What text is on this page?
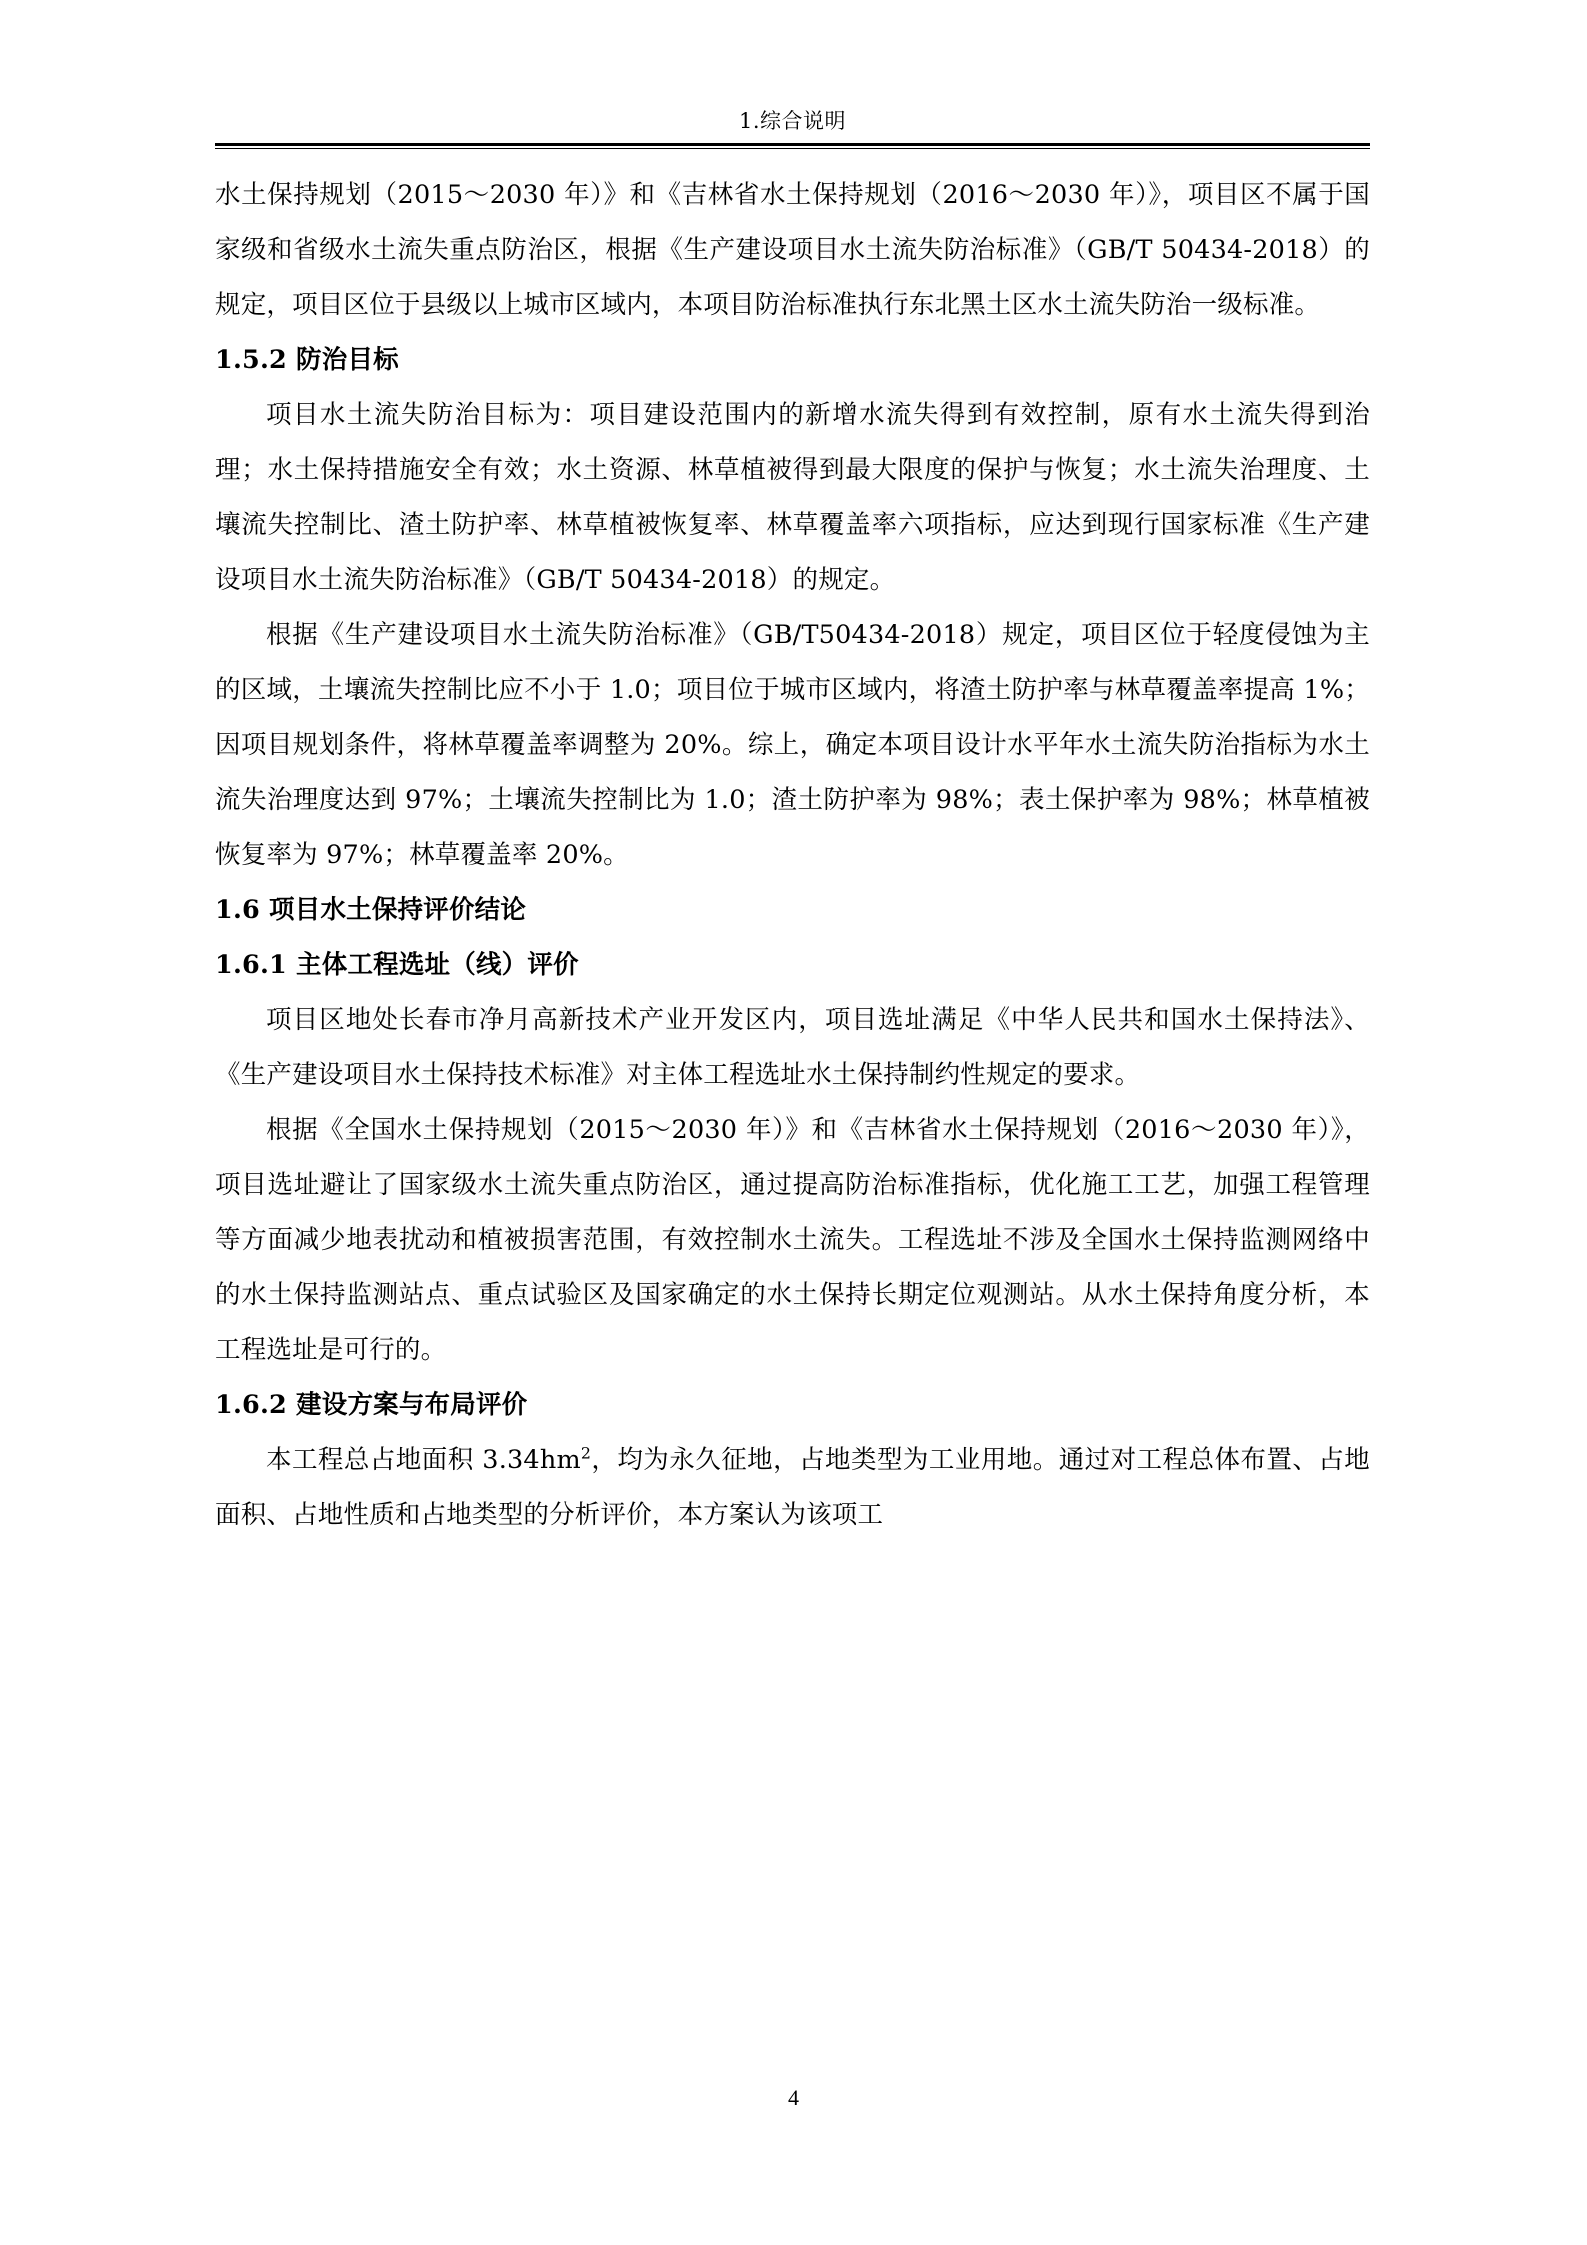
1.综合说明

水土保持规划（2015～2030 年）》和《吉林省水土保持规划（2016～2030 年）》，项目区不属于国家级和省级水土流失重点防治区，根据《生产建设项目水土流失防治标准》（GB/T 50434-2018）的规定，项目区位于县级以上城市区域内，本项目防治标准执行东北黑土区水土流失防治一级标准。

1.5.2 防治目标

项目水土流失防治目标为：项目建设范围内的新增水流失得到有效控制，原有水土流失得到治理；水土保持措施安全有效；水土资源、林草植被得到最大限度的保护与恢复；水土流失治理度、土壤流失控制比、渣土防护率、林草植被恢复率、林草覆盖率六项指标，应达到现行国家标准《生产建设项目水土流失防治标准》（GB/T 50434-2018）的规定。

根据《生产建设项目水土流失防治标准》（GB/T50434-2018）规定，项目区位于轻度侵蚀为主的区域，土壤流失控制比应不小于 1.0；项目位于城市区域内，将渣土防护率与林草覆盖率提高 1%；因项目规划条件，将林草覆盖率调整为 20%。综上，确定本项目设计水平年水土流失防治指标为水土流失治理度达到 97%；土壤流失控制比为 1.0；渣土防护率为 98%；表土保护率为 98%；林草植被恢复率为 97%；林草覆盖率 20%。

1.6 项目水土保持评价结论
1.6.1 主体工程选址（线）评价

项目区地处长春市净月高新技术产业开发区内，项目选址满足《中华人民共和国水土保持法》、《生产建设项目水土保持技术标准》对主体工程选址水土保持制约性规定的要求。

根据《全国水土保持规划（2015～2030 年）》和《吉林省水土保持规划（2016～2030 年）》，项目选址避让了国家级水土流失重点防治区，通过提高防治标准指标，优化施工工艺，加强工程管理等方面减少地表扰动和植被损害范围，有效控制水土流失。工程选址不涉及全国水土保持监测网络中的水土保持监测站点、重点试验区及国家确定的水土保持长期定位观测站。从水土保持角度分析，本工程选址是可行的。

1.6.2 建设方案与布局评价

本工程总占地面积 $3.34hm^2$，均为永久征地，占地类型为工业用地。通过对工程总体布置、占地面积、占地性质和占地类型的分析评价，本方案认为该项工

4
